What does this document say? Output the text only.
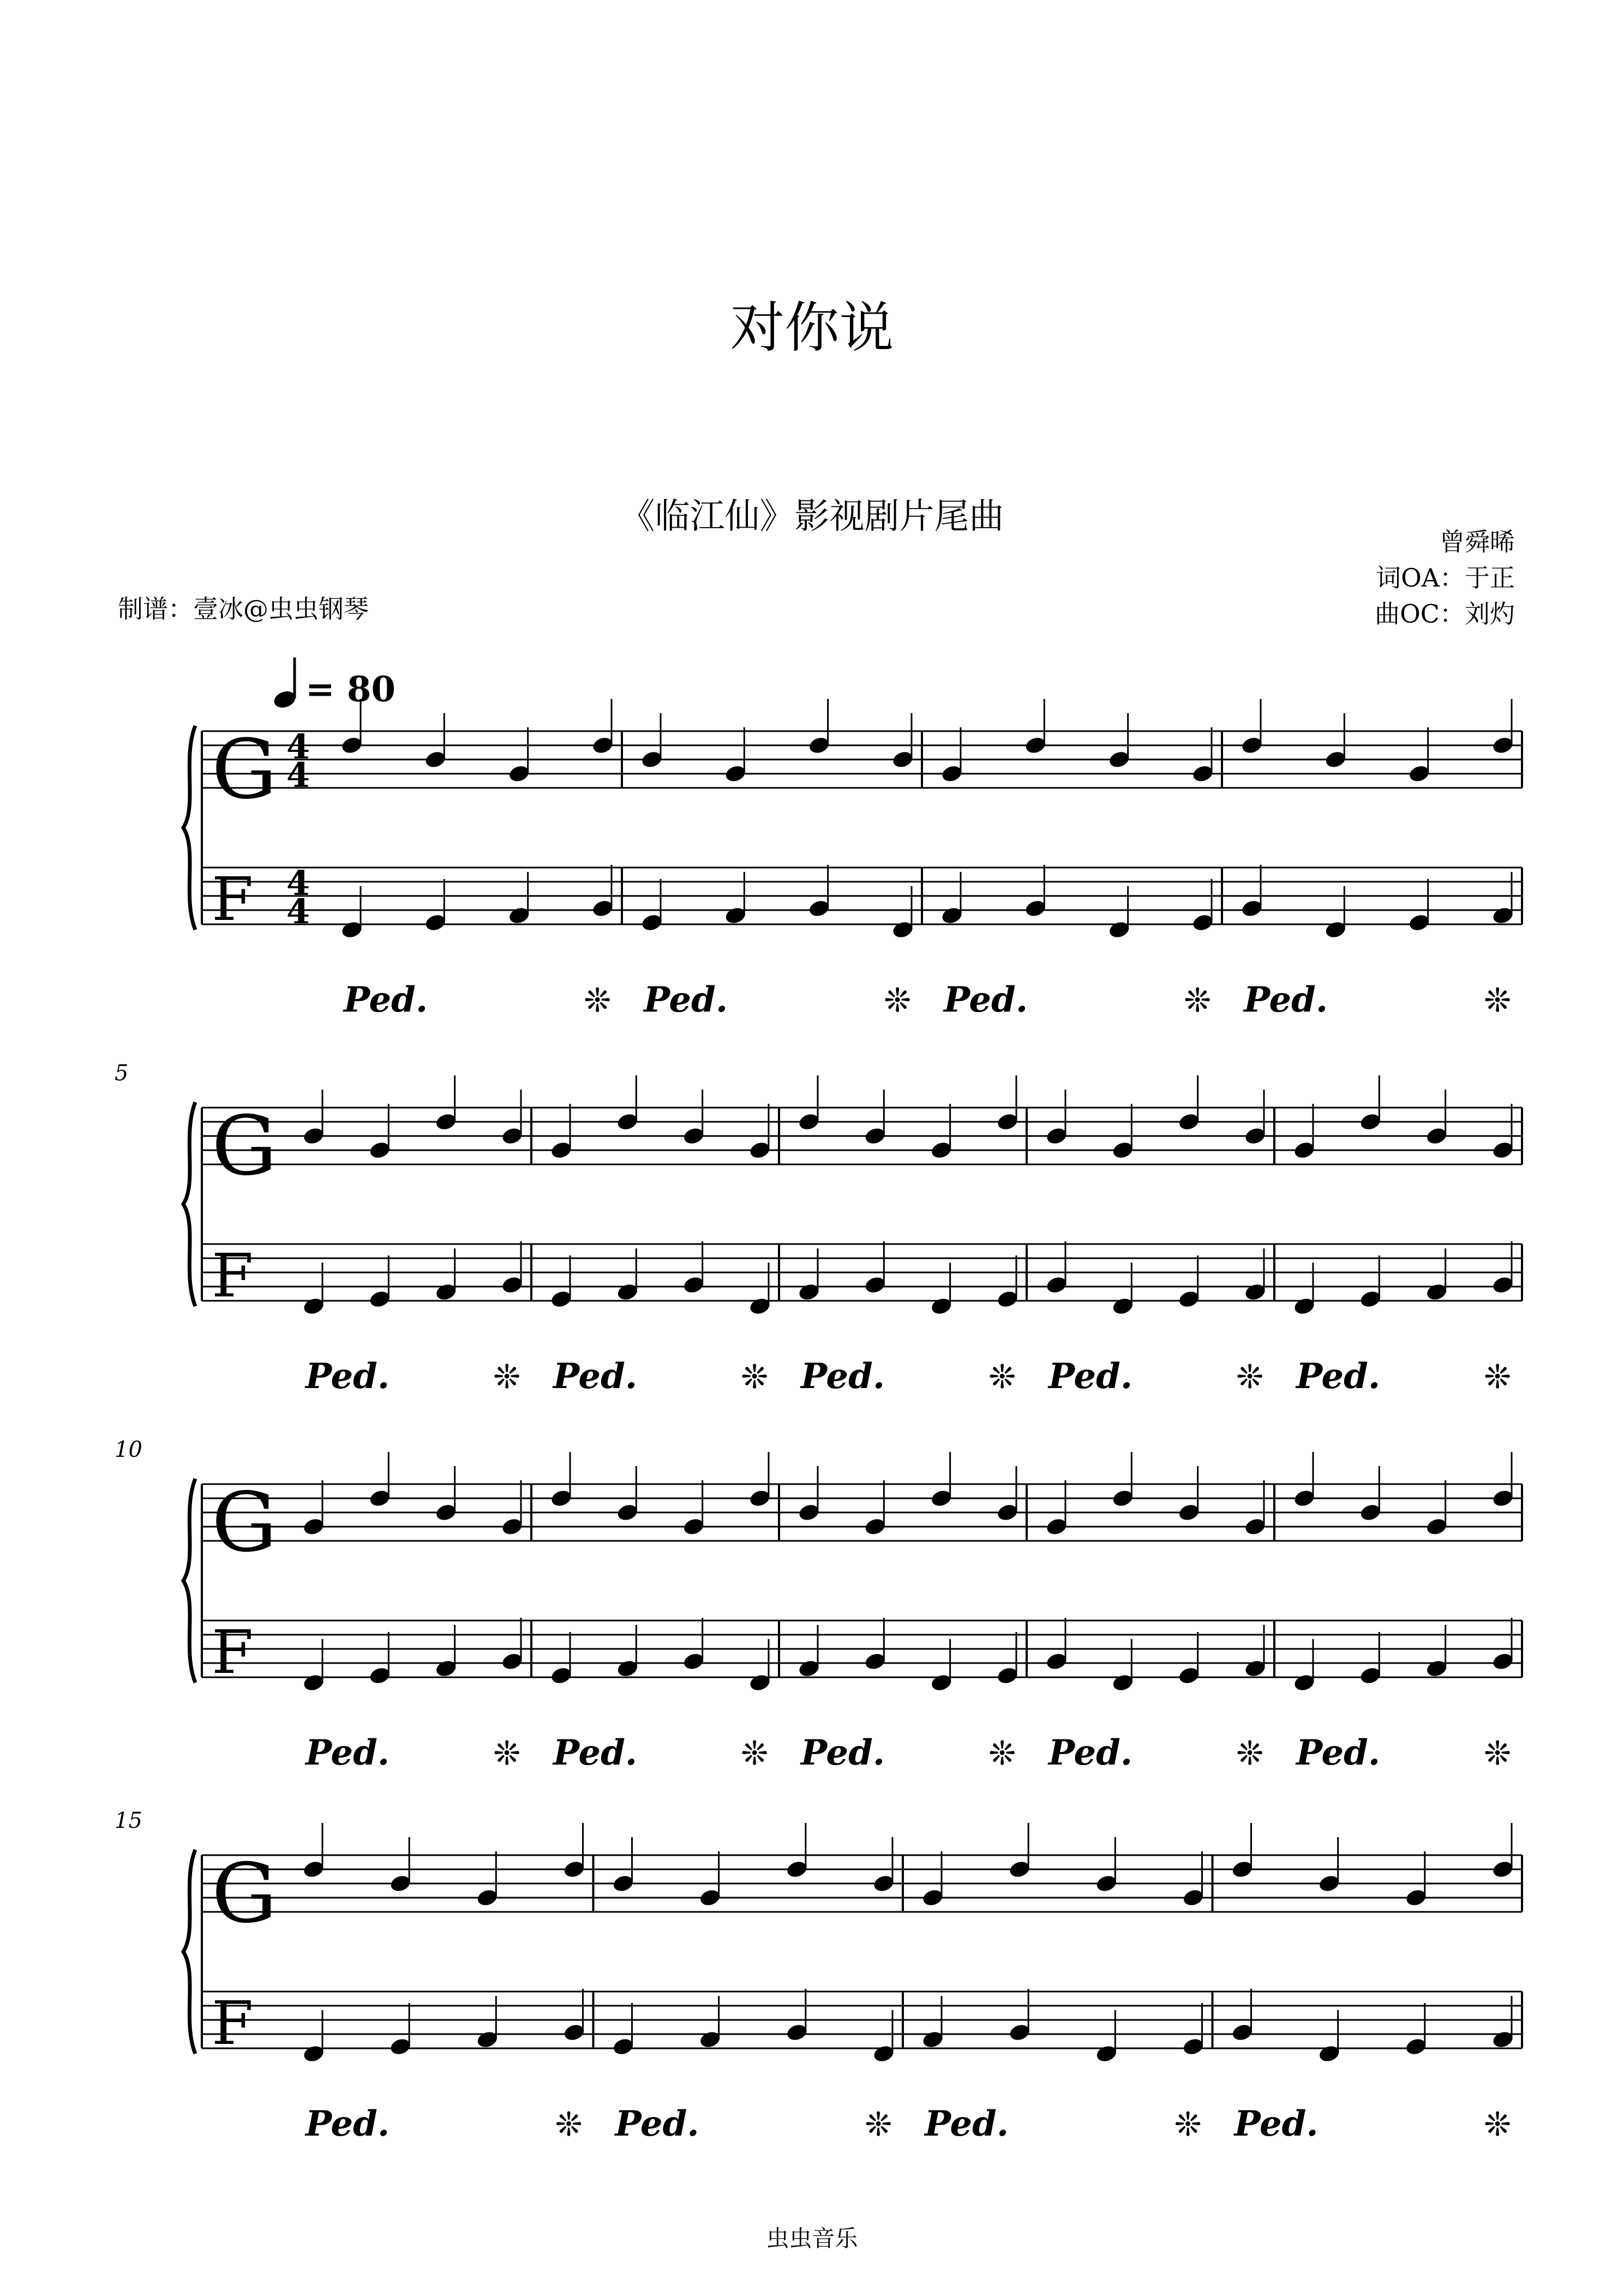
对你说
《临江仙》影视剧片尾曲
曾舜晞
词OA：于正
曲OC：刘灼
制谱：壹冰@虫虫钢琴
= 80
G
F
4
4
4
4
Ped.	❊ Ped.	❊ Ped.	❊ Ped.	❊
G
F
5
Ped.	❊ Ped.	❊ Ped.	❊ Ped.	❊ Ped.	❊
G
F
10
Ped.	❊ Ped.	❊ Ped.	❊ Ped.	❊ Ped.	❊
G
F
15
Ped.	❊ Ped.	❊ Ped.	❊ Ped.	❊
虫虫音乐
